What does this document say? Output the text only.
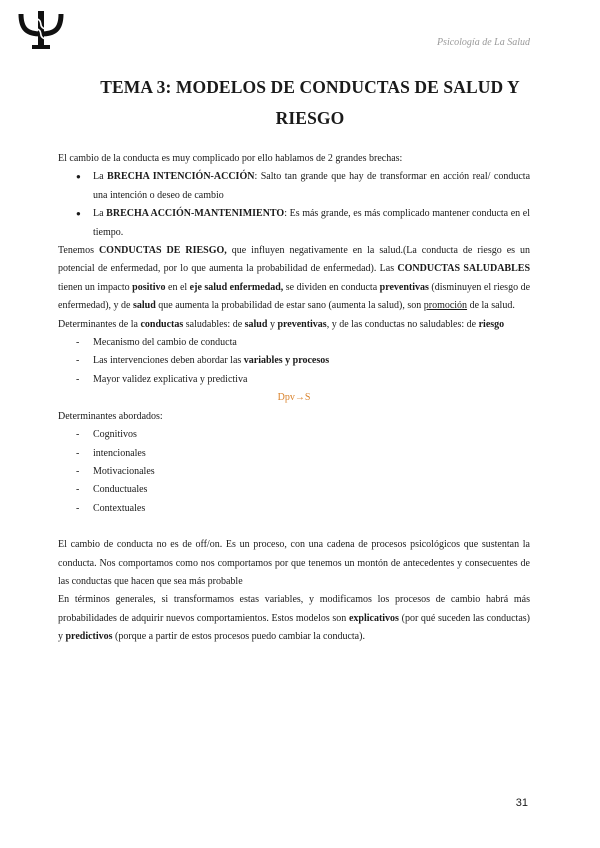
Psicología de La Salud
TEMA 3: MODELOS DE CONDUCTAS DE SALUD Y
RIESGO

El cambio de la conducta es muy complicado por ello hablamos de 2 grandes brechas:

● La BRECHA INTENCIÓN-ACCIÓN: Salto tan grande que hay de transformar en acción real/ conducta una intención o deseo de cambio
● La BRECHA ACCIÓN-MANTENIMIENTO: Es más grande, es más complicado mantener conducta en el tiempo.

Tenemos CONDUCTAS DE RIESGO, que influyen negativamente en la salud.(La conducta de riesgo es un potencial de enfermedad, por lo que aumenta la probabilidad de enfermedad). Las CONDUCTAS SALUDABLES tienen un impacto positivo en el eje salud enfermedad, se dividen en conducta preventivas (disminuyen el riesgo de enfermedad), y de salud que aumenta la probabilidad de estar sano (aumenta la salud), son promoción de la salud.

Determinantes de la conductas saludables: de salud y preventivas, y de las conductas no saludables: de riesgo

- Mecanismo del cambio de conducta
- Las intervenciones deben abordar las variables y procesos
- Mayor validez explicativa y predictiva

Dpv→S

Determinantes abordados:

- Cognitivos
- intencionales
- Motivacionales
- Conductuales
- Contextuales

El cambio de conducta no es de off/on. Es un proceso, con una cadena de procesos psicológicos que sustentan la conducta. Nos comportamos como nos comportamos por que tenemos un montón de antecedentes y consecuentes de las conductas que hacen que sea más probable

En términos generales, si transformamos estas variables, y modificamos los procesos de cambio habrá más probabilidades de adquirir nuevos comportamientos. Estos modelos son explicativos (por qué suceden las conductas) y predictivos (porque a partir de estos procesos puedo cambiar la conducta).

31
